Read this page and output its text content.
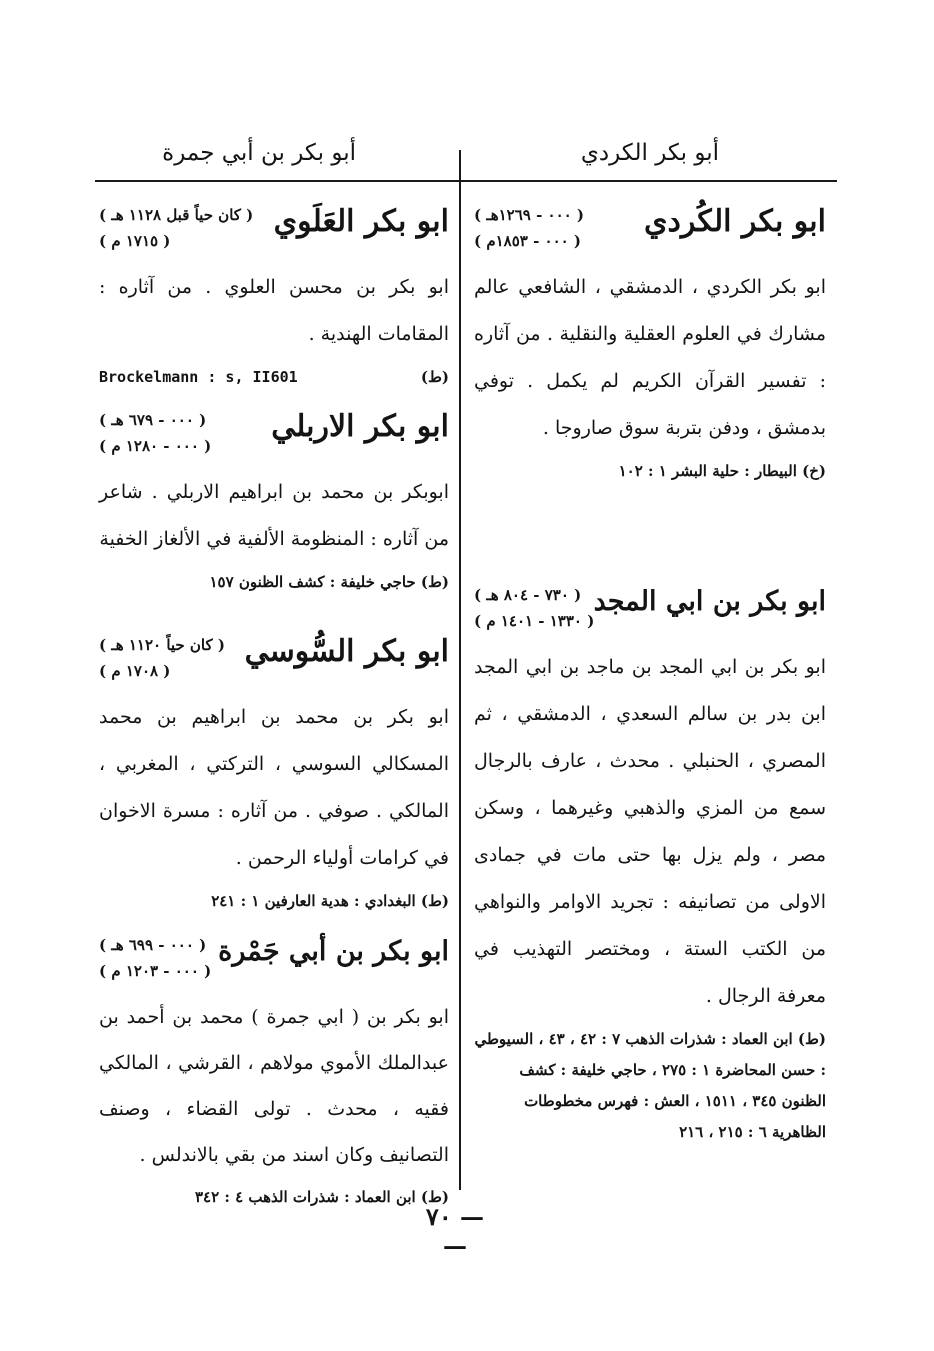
أبو بكر الكردي
أبو بكر بن أبي جمرة
ابو بكر الكُردي
( ٠٠٠ - ١٢٦٩هـ )
( ٠٠٠ - ١٨٥٣م )

ابو بكر الكردي ، الدمشقي ، الشافعي عالم مشارك في العلوم العقلية والنقلية . من آثاره : تفسير القرآن الكريم لم يكمل . توفي بدمشق ، ودفن بتربة سوق صاروجا .

(خ) البيطار : حلية البشر ١ : ١٠٢
ابو بكر بن ابي المجد
( ٧٣٠ - ٨٠٤ هـ )
( ١٣٣٠ - ١٤٠١ م )

ابو بكر بن ابي المجد بن ماجد بن ابي المجد ابن بدر بن سالم السعدي ، الدمشقي ، ثم المصري ، الحنبلي . محدث ، عارف بالرجال سمع من المزي والذهبي وغيرهما ، وسكن مصر ، ولم يزل بها حتى مات في جمادى الاولى من تصانيفه : تجريد الاوامر والنواهي من الكتب الستة ، ومختصر التهذيب في معرفة الرجال .

(ط) ابن العماد : شذرات الذهب ٧ : ٤٢ ، ٤٣ ، السيوطي : حسن المحاضرة ١ : ٢٧٥ ، حاجي خليفة : كشف الظنون ٣٤٥ ، ١٥١١ ، العش : فهرس مخطوطات الظاهرية ٦ : ٢١٥ ، ٢١٦
ابو بكر العَلَوي
( كان حياً قبل ١١٢٨ هـ )
( ١٧١٥ م )

ابو بكر بن محسن العلوي . من آثاره : المقامات الهندية .

(ط)
Brockelmann : s, II601
ابو بكر الاربلي
( ٠٠٠ - ٦٧٩ هـ )
( ٠٠٠ - ١٢٨٠ م )

ابوبكر بن محمد بن ابراهيم الاربلي . شاعر من آثاره : المنظومة الألفية في الألغاز الخفية

(ط) حاجي خليفة : كشف الظنون ١٥٧
ابو بكر السُّوسي
( كان حياً ١١٢٠ هـ )
( ١٧٠٨ م )

ابو بكر بن محمد بن ابراهيم بن محمد المسكالي السوسي ، التركتي ، المغربي ، المالكي . صوفي . من آثاره : مسرة الاخوان في كرامات أولياء الرحمن .

(ط) البغدادي : هدية العارفين ١ : ٢٤١
ابو بكر بن أبي جَمْرة
( ٠٠٠ - ٦٩٩ هـ )
( ٠٠٠ - ١٢٠٣ م )

ابو بكر بن ( ابي جمرة ) محمد بن أحمد بن عبدالملك الأموي مولاهم ، القرشي ، المالكي فقيه ، محدث . تولى القضاء ، وصنف التصانيف وكان اسند من بقي بالاندلس .

(ط) ابن العماد : شذرات الذهب ٤ : ٣٤٢
— ٧٠ —
